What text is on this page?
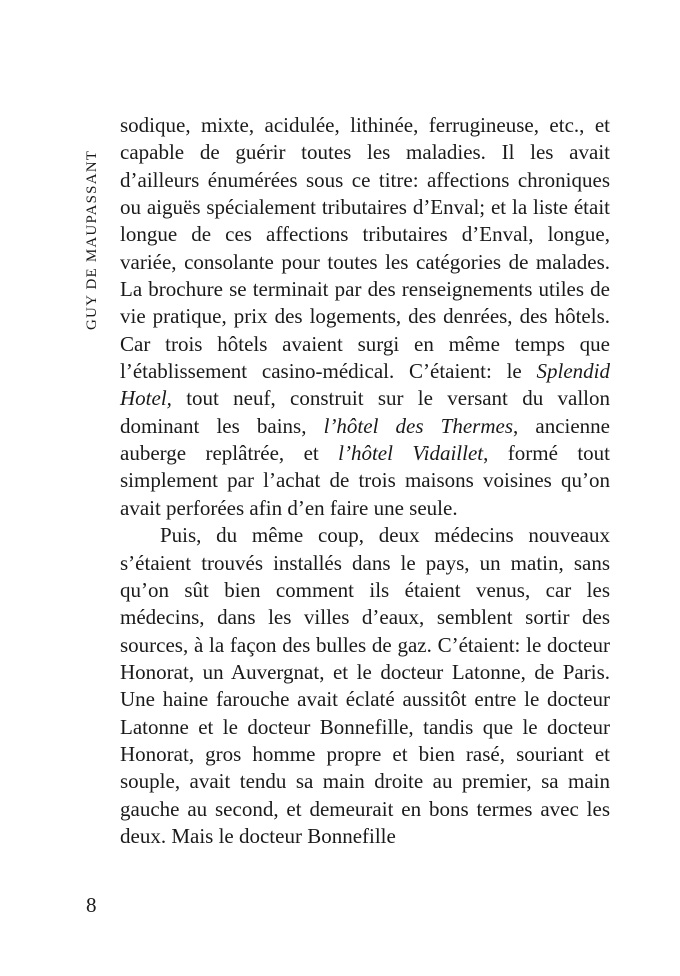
GUY DE MAUPASSANT

sodique, mixte, acidulée, lithinée, ferrugineuse, etc., et capable de guérir toutes les maladies. Il les avait d’ailleurs énumérées sous ce titre: affections chroniques ou aiguës spécialement tributaires d’Enval; et la liste était longue de ces affections tributaires d’Enval, longue, variée, consolante pour toutes les catégories de malades. La brochure se terminait par des renseignements utiles de vie pratique, prix des logements, des denrées, des hôtels. Car trois hôtels avaient surgi en même temps que l’établissement casino-médical. C’étaient: le Splendid Hotel, tout neuf, construit sur le versant du vallon dominant les bains, l’hôtel des Thermes, ancienne auberge replâtrée, et l’hôtel Vidaillet, formé tout simplement par l’achat de trois maisons voisines qu’on avait perforées afin d’en faire une seule.

Puis, du même coup, deux médecins nouveaux s’étaient trouvés installés dans le pays, un matin, sans qu’on sût bien comment ils étaient venus, car les médecins, dans les villes d’eaux, semblent sortir des sources, à la façon des bulles de gaz. C’étaient: le docteur Honorat, un Auvergnat, et le docteur Latonne, de Paris. Une haine farouche avait éclaté aussitôt entre le docteur Latonne et le docteur Bonnefille, tandis que le docteur Honorat, gros homme propre et bien rasé, souriant et souple, avait tendu sa main droite au premier, sa main gauche au second, et demeurait en bons termes avec les deux. Mais le docteur Bonnefille

8
